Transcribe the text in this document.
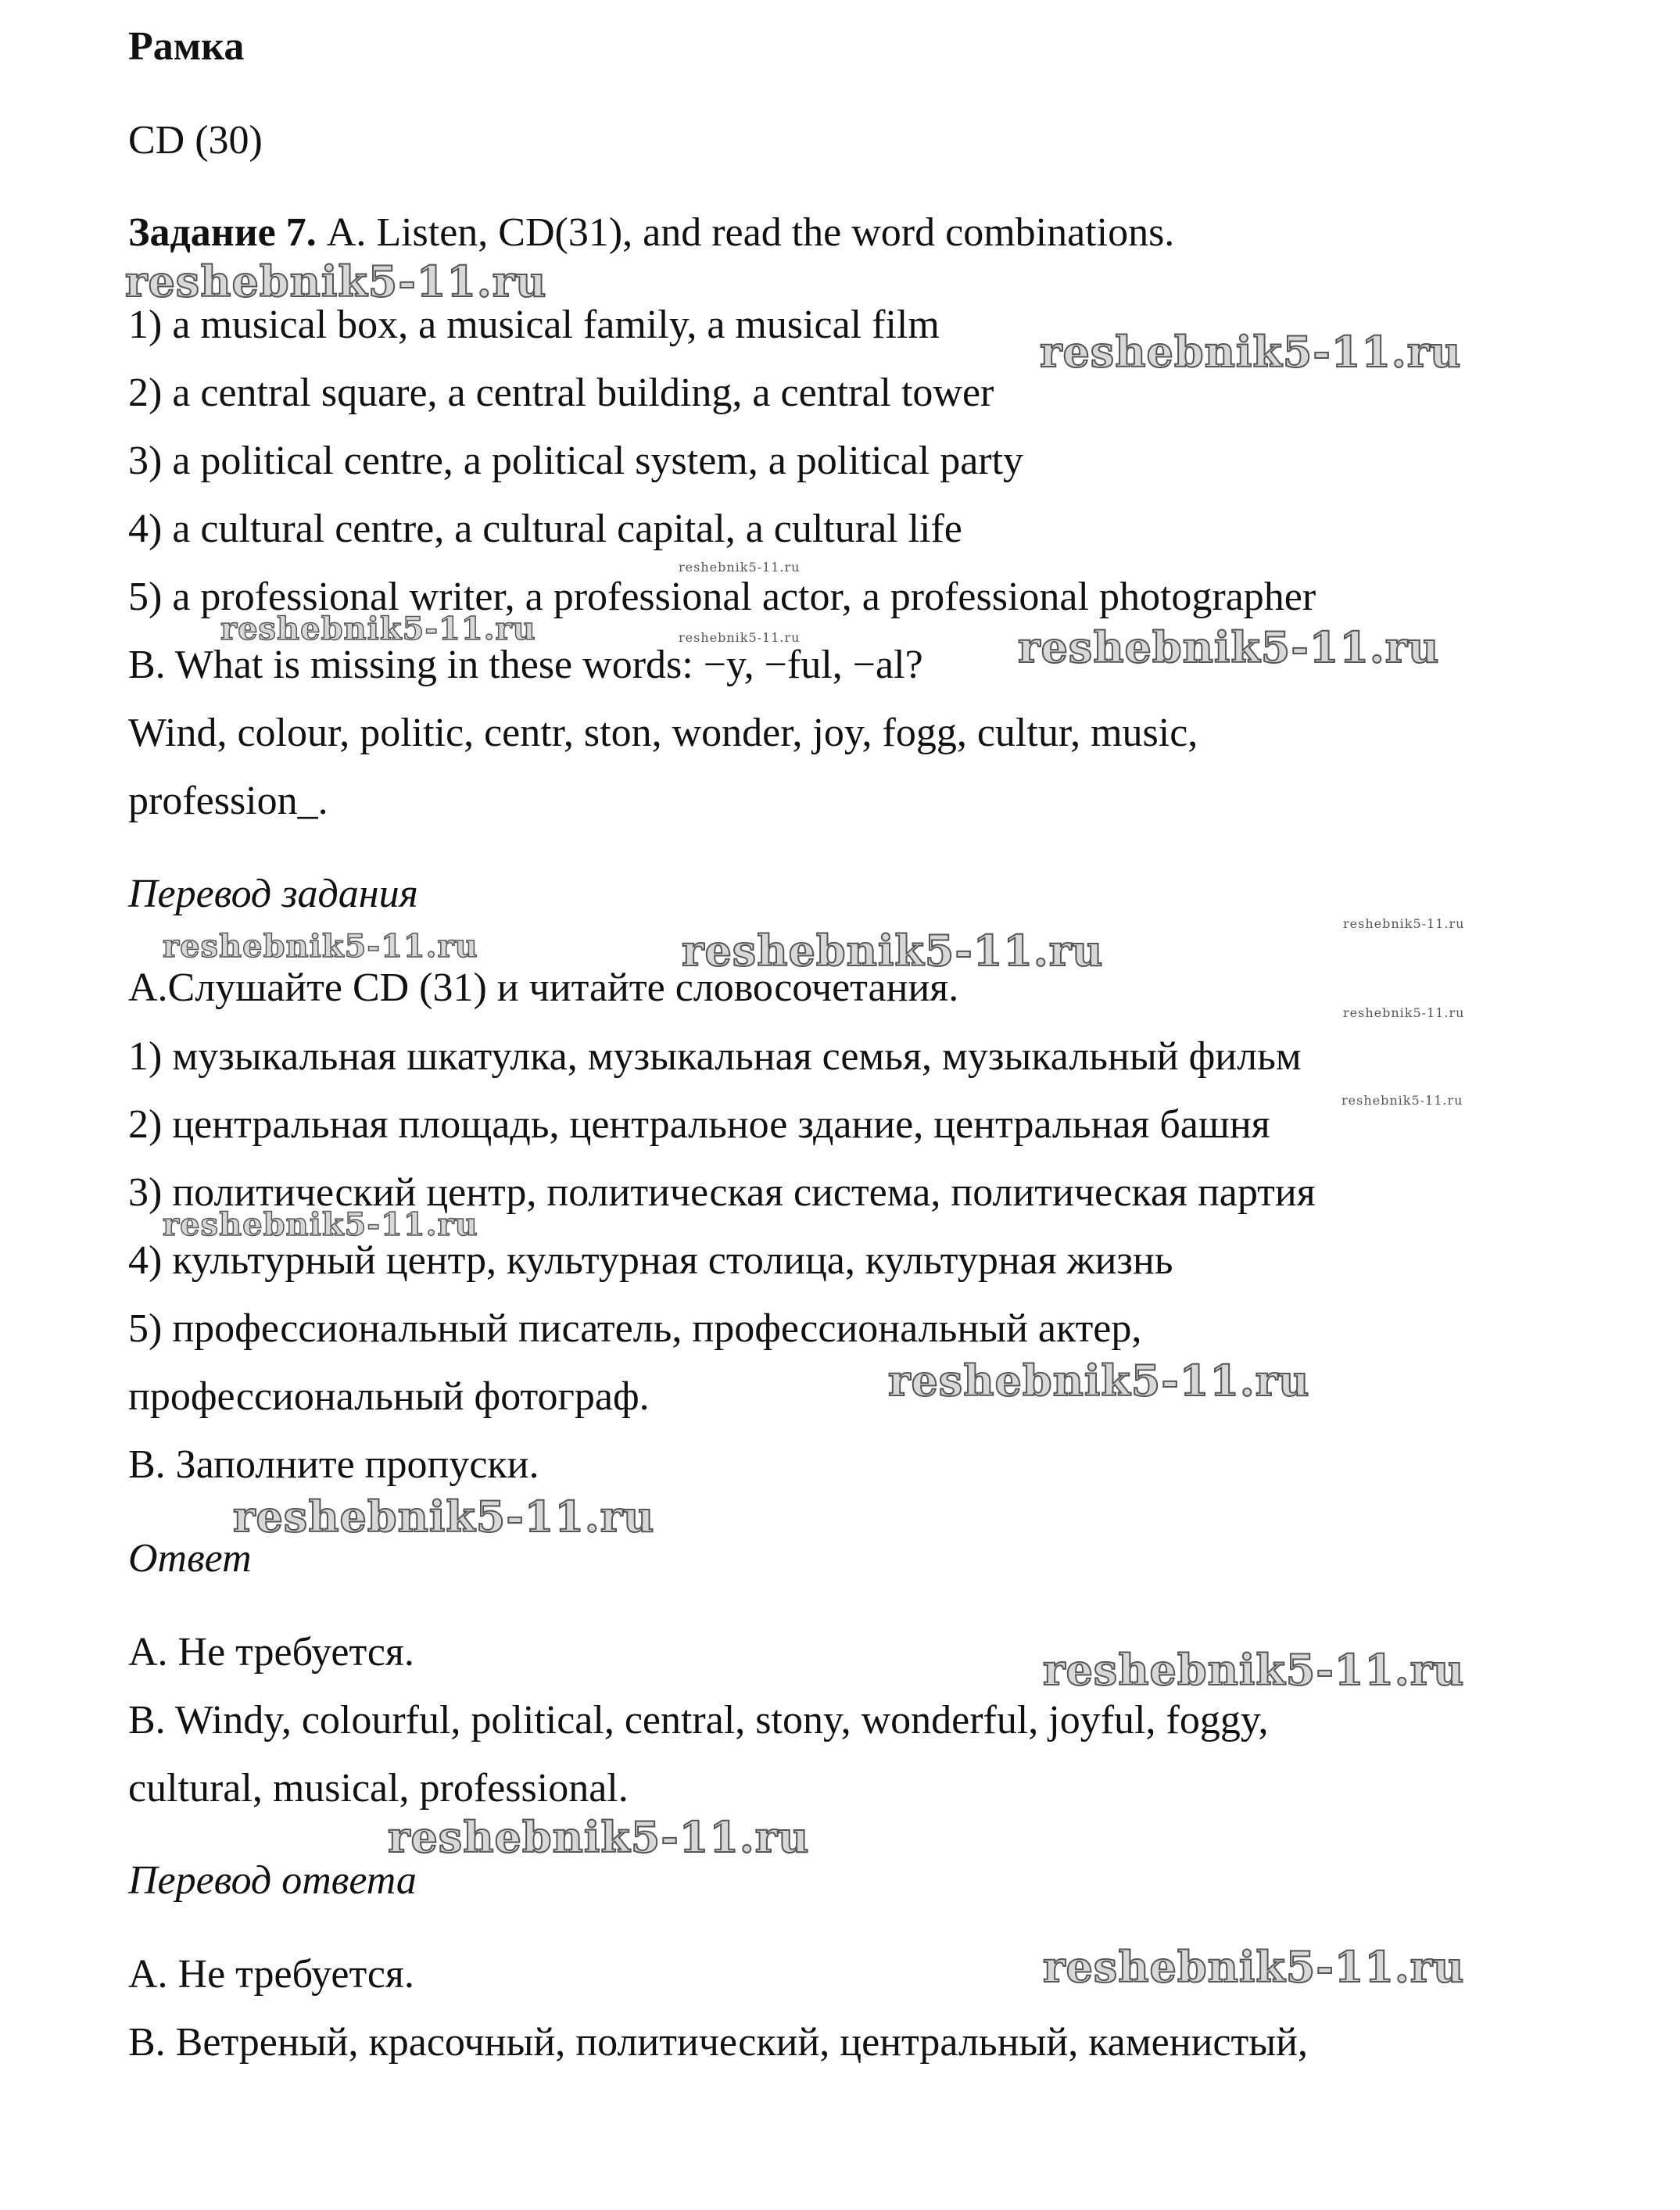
Рамка
CD (30)
Задание 7. A. Listen, CD(31), and read the word combinations.
1) a musical box, a musical family, a musical film
2) a central square, a central building, a central tower
3) a political centre, a political system, a political party
4) a cultural centre, a cultural capital, a cultural life
5) a professional writer, a professional actor, a professional photographer
B. What is missing in these words: −y, −ful, −al?
Wind, colour, politic, centr, ston, wonder, joy, fogg, cultur, music,
profession_.
Перевод задания
А.Слушайте CD (31) и читайте словосочетания.
1) музыкальная шкатулка, музыкальная семья, музыкальный фильм
2) центральная площадь, центральное здание, центральная башня
3) политический центр, политическая система, политическая партия
4) культурный центр, культурная столица, культурная жизнь
5) профессиональный писатель, профессиональный актер,
профессиональный фотограф.
В. Заполните пропуски.
Ответ
А. Не требуется.
B. Windy, colourful, political, central, stony, wonderful, joyful, foggy,
cultural, musical, professional.
Перевод ответа
А. Не требуется.
В. Ветреный, красочный, политический, центральный, каменистый,
reshebnik5-11.ru
reshebnik5-11.ru
reshebnik5-11.ru
reshebnik5-11.ru	reshebnik5-11.ru	reshebnik5-11.ru
reshebnik5-11.ru
reshebnik5-11.ru	reshebnik5-11.ru
reshebnik5-11.ru
reshebnik5-11.ru
reshebnik5-11.ru
reshebnik5-11.ru
reshebnik5-11.ru
reshebnik5-11.ru
reshebnik5-11.ru
reshebnik5-11.ru
